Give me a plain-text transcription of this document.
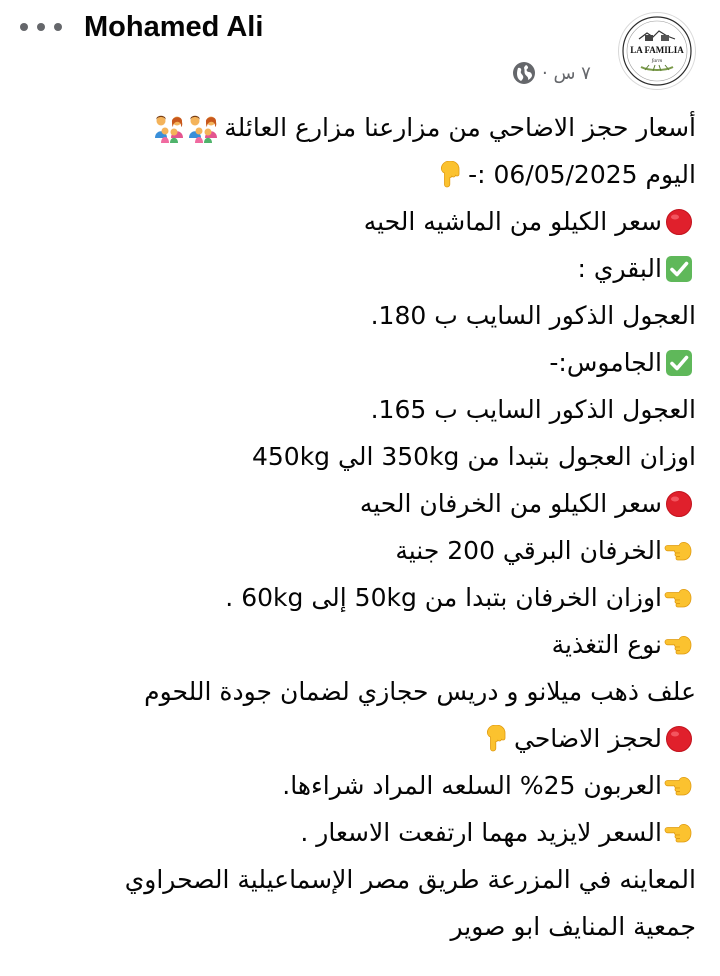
Mohamed Ali
٧ س ·
LA FAMILIA
farm
أسعار حجز الاضاحي من مزارعنا مزارع العائلة
اليوم 06/05/2025 :-
سعر الكيلو من الماشيه الحيه
البقري :
العجول الذكور السايب ب 180.
الجاموس:-
العجول الذكور السايب ب 165.
اوزان العجول بتبدا من 350kg الي 450kg
سعر الكيلو من الخرفان الحيه
الخرفان البرقي 200 جنية
اوزان الخرفان بتبدا من 50kg إلى 60kg .
نوع التغذية
علف ذهب ميلانو و دريس حجازي لضمان جودة اللحوم
لحجز الاضاحي
العربون 25% السلعه المراد شراءها.
السعر لايزيد مهما ارتفعت الاسعار .
المعاينه في المزرعة طريق مصر الإسماعيلية الصحراوي
جمعية المنايف ابو صوير
